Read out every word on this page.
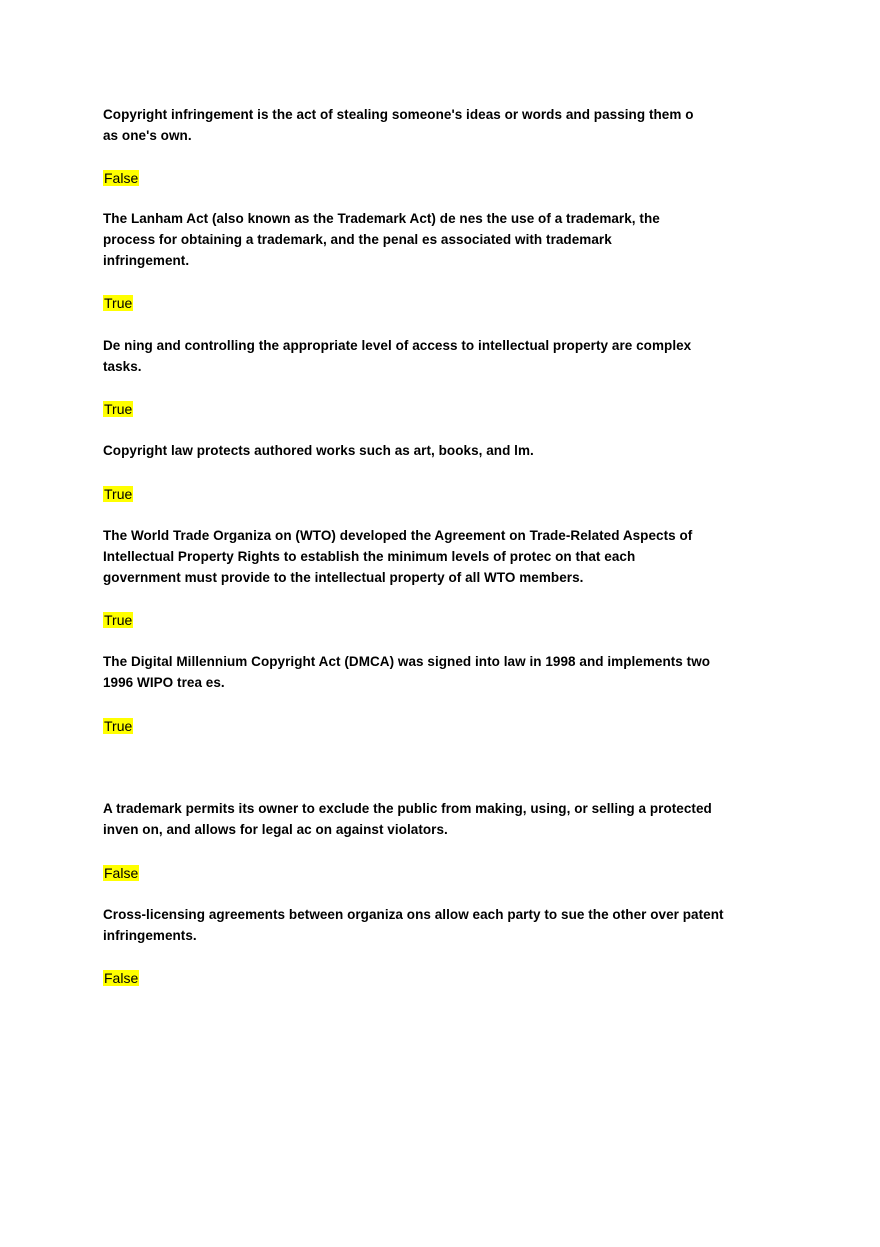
Copyright infringement is the act of stealing someone's ideas or words and passing them o
as one's own.
False
The Lanham Act (also known as the Trademark Act) de nes the use of a trademark, the
process for obtaining a trademark, and the penal es associated with trademark
infringement.
True
De ning and controlling the appropriate level of access to intellectual property are complex
tasks.
True
Copyright law protects authored works such as art, books, and lm.
True
The World Trade Organiza on (WTO) developed the Agreement on Trade-Related Aspects of
Intellectual Property Rights to establish the minimum levels of protec on that each
government must provide to the intellectual property of all WTO members.
True
The Digital Millennium Copyright Act (DMCA) was signed into law in 1998 and implements two
1996 WIPO trea es.
True
A trademark permits its owner to exclude the public from making, using, or selling a protected
inven on, and allows for legal ac on against violators.
False
Cross-licensing agreements between organiza ons allow each party to sue the other over patent
infringements.
False
